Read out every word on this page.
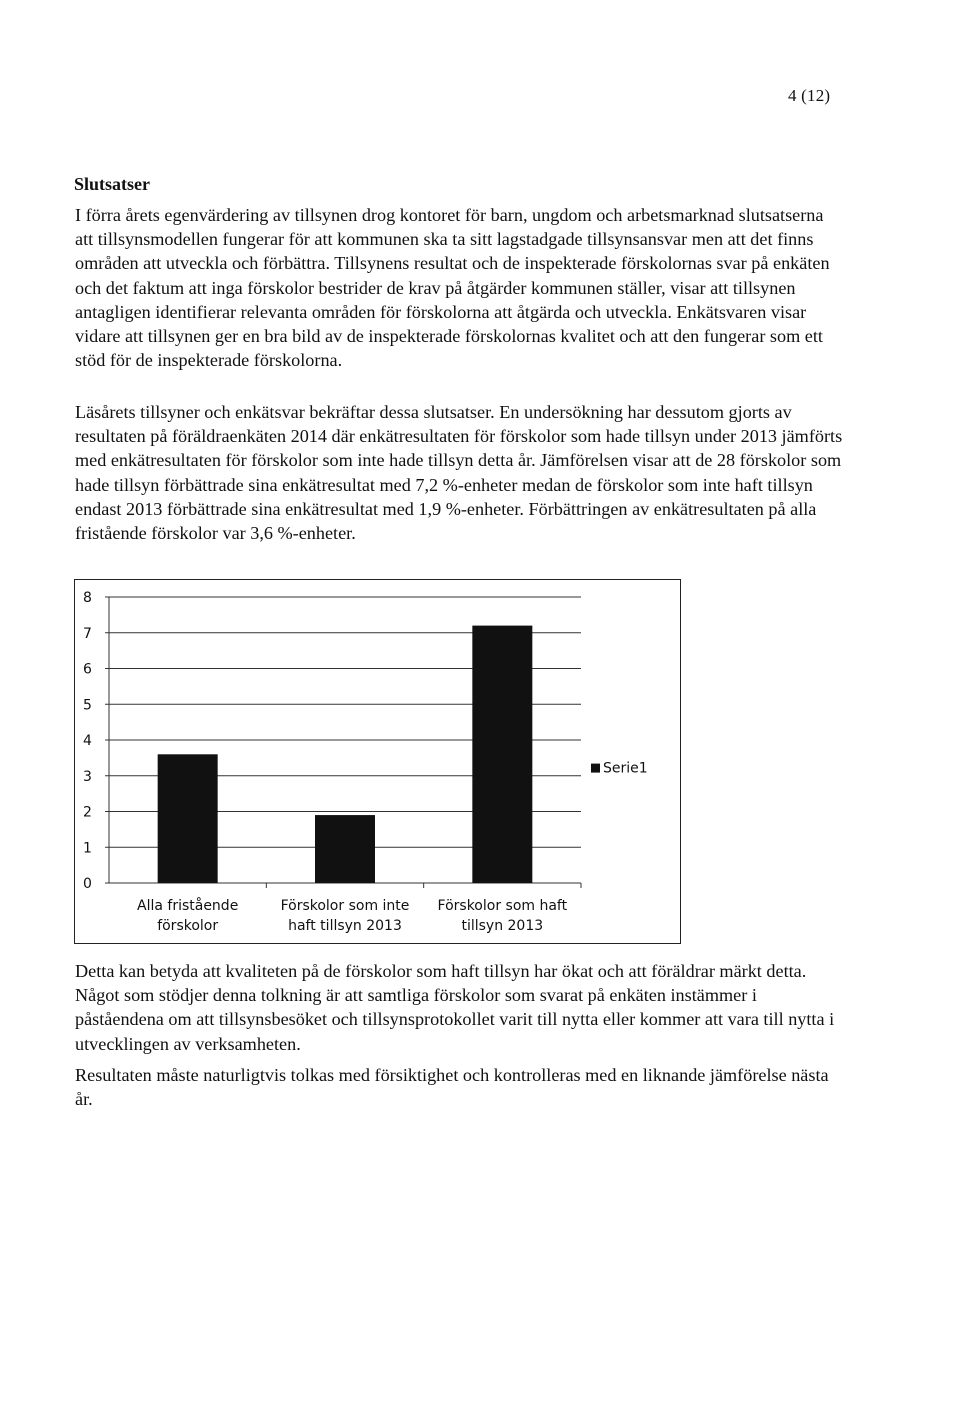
4 (12)
Slutsatser

I förra årets egenvärdering av tillsynen drog kontoret för barn, ungdom och arbetsmarknad slutsatserna att tillsynsmodellen fungerar för att kommunen ska ta sitt lagstadgade tillsynsansvar men att det finns områden att utveckla och förbättra. Tillsynens resultat och de inspekterade förskolornas svar på enkäten och det faktum att inga förskolor bestrider de krav på åtgärder kommunen ställer, visar att tillsynen antagligen identifierar relevanta områden för förskolorna att åtgärda och utveckla. Enkätsvaren visar vidare att tillsynen ger en bra bild av de inspekterade förskolornas kvalitet och att den fungerar som ett stöd för de inspekterade förskolorna.

Läsårets tillsyner och enkätsvar bekräftar dessa slutsatser. En undersökning har dessutom gjorts av resultaten på föräldraenkäten 2014 där enkätresultaten för förskolor som hade tillsyn under 2013 jämförts med enkätresultaten för förskolor som inte hade tillsyn detta år. Jämförelsen visar att de 28 förskolor som hade tillsyn förbättrade sina enkätresultat med 7,2 %-enheter medan de förskolor som inte haft tillsyn endast 2013 förbättrade sina enkätresultat med 1,9 %-enheter. Förbättringen av enkätresultaten på alla fristående förskolor var 3,6 %-enheter.

0
1
2
3
4
5
6
7
8
Alla fristående
förskolor
Förskolor som inte
haft tillsyn 2013
Förskolor som haft
tillsyn 2013
Serie1

Detta kan betyda att kvaliteten på de förskolor som haft tillsyn har ökat och att föräldrar märkt detta. Något som stödjer denna tolkning är att samtliga förskolor som svarat på enkäten instämmer i påståendena om att tillsynsbesöket och tillsynsprotokollet varit till nytta eller kommer att vara till nytta i utvecklingen av verksamheten.

Resultaten måste naturligtvis tolkas med försiktighet och kontrolleras med en liknande jämförelse nästa år.
